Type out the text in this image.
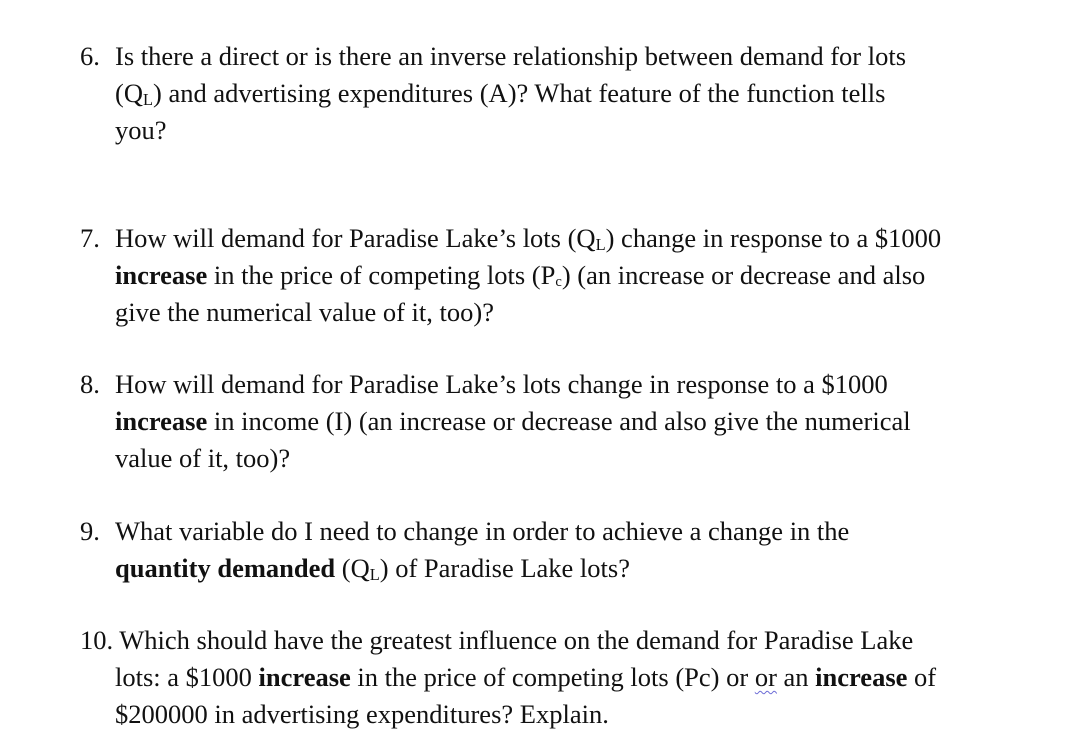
6. Is there a direct or is there an inverse relationship between demand for lots
(QL) and advertising expenditures (A)? What feature of the function tells
you?
7. How will demand for Paradise Lake’s lots (QL) change in response to a $1000
increase in the price of competing lots (Pc) (an increase or decrease and also
give the numerical value of it, too)?
8. How will demand for Paradise Lake’s lots change in response to a $1000
increase in income (I) (an increase or decrease and also give the numerical
value of it, too)?
9. What variable do I need to change in order to achieve a change in the
quantity demanded (QL) of Paradise Lake lots?
10. Which should have the greatest influence on the demand for Paradise Lake
lots: a $1000 increase in the price of competing lots (Pc) or or an increase of
$200000 in advertising expenditures? Explain.
